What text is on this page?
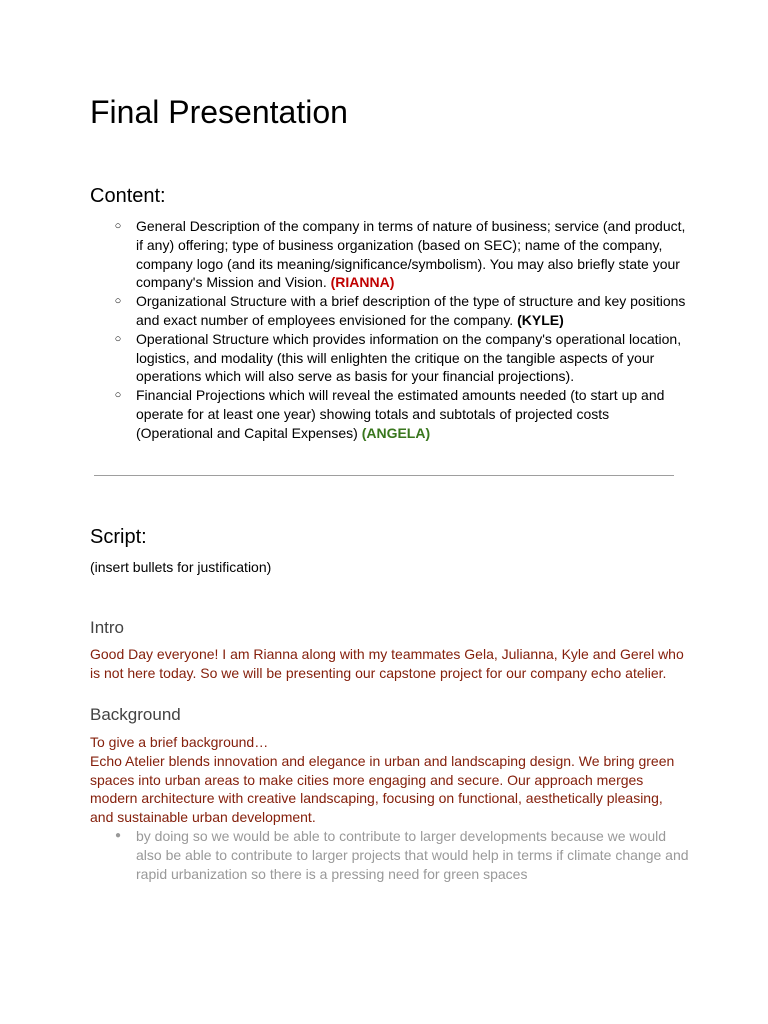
Final Presentation
Content:
○ General Description of the company in terms of nature of business; service (and product, if any) offering; type of business organization (based on SEC); name of the company, company logo (and its meaning/significance/symbolism). You may also briefly state your company's Mission and Vision. (RIANNA)
○ Organizational Structure with a brief description of the type of structure and key positions and exact number of employees envisioned for the company. (KYLE)
○ Operational Structure which provides information on the company's operational location, logistics, and modality (this will enlighten the critique on the tangible aspects of your operations which will also serve as basis for your financial projections).
○ Financial Projections which will reveal the estimated amounts needed (to start up and operate for at least one year) showing totals and subtotals of projected costs (Operational and Capital Expenses) (ANGELA)
Script:

(insert bullets for justification)

Intro

Good Day everyone! I am Rianna along with my teammates Gela, Julianna, Kyle and Gerel who is not here today. So we will be presenting our capstone project for our company echo atelier.

Background

To give a brief background…
Echo Atelier blends innovation and elegance in urban and landscaping design. We bring green spaces into urban areas to make cities more engaging and secure. Our approach merges modern architecture with creative landscaping, focusing on functional, aesthetically pleasing, and sustainable urban development.

● by doing so we would be able to contribute to larger developments because we would also be able to contribute to larger projects that would help in terms if climate change and rapid urbanization so there is a pressing need for green spaces
